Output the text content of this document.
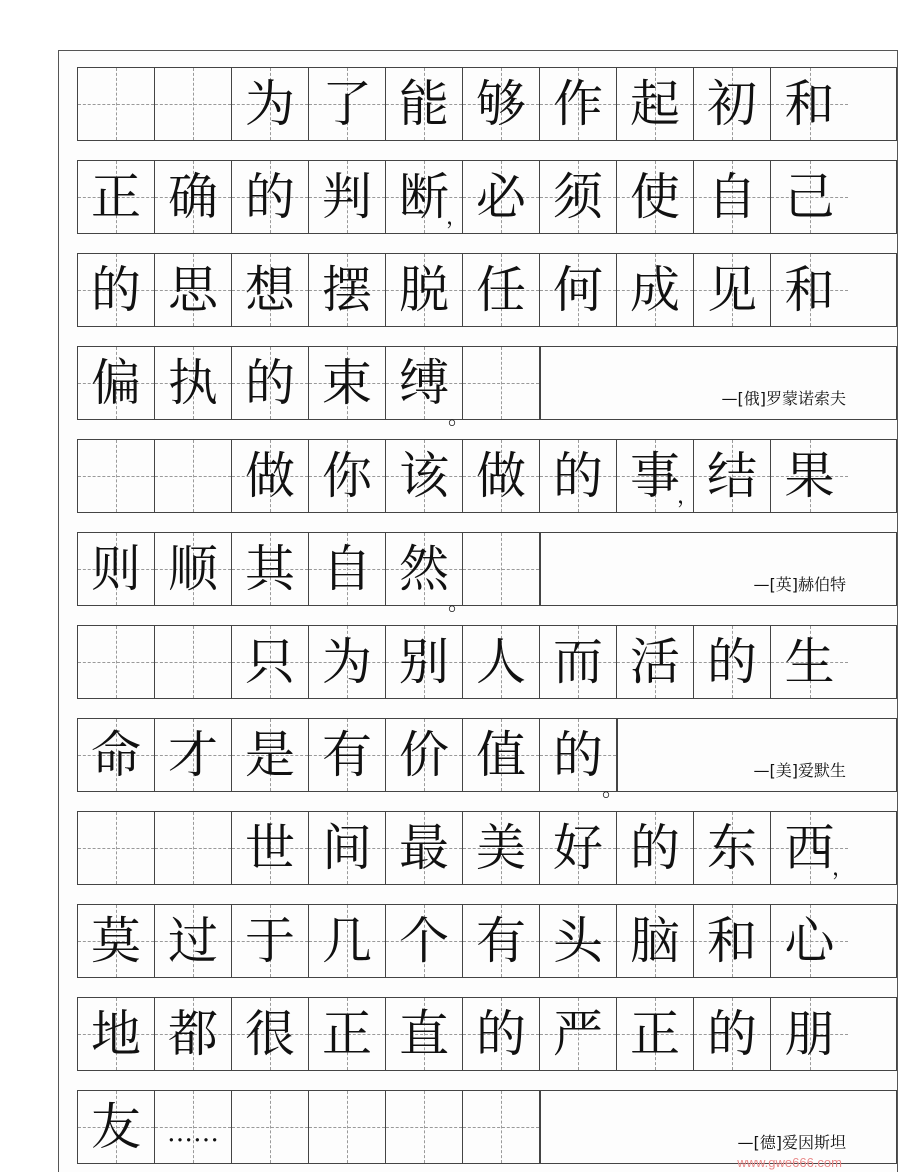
为 了 能 够 作 起 初 和
正 确 的 判 断
， 必 须 使 自 己
的 思 想 摆 脱 任 何 成 见 和
偏 执 的 束 缚
。
—[俄]罗蒙诺索夫
做 你 该 做 的 事
， 结 果
则 顺 其 自 然
。
—[英]赫伯特
只 为 别 人 而 活 的 生
命 才 是 有 价 值 的
。
—[美]爱默生
世 间 最 美 好 的 东 西
，
莫 过 于 几 个 有 头 脑 和 心
地 都 很 正 直 的 严 正 的 朋
友 ……	—[德]爱因斯坦
www.gwe666.com
